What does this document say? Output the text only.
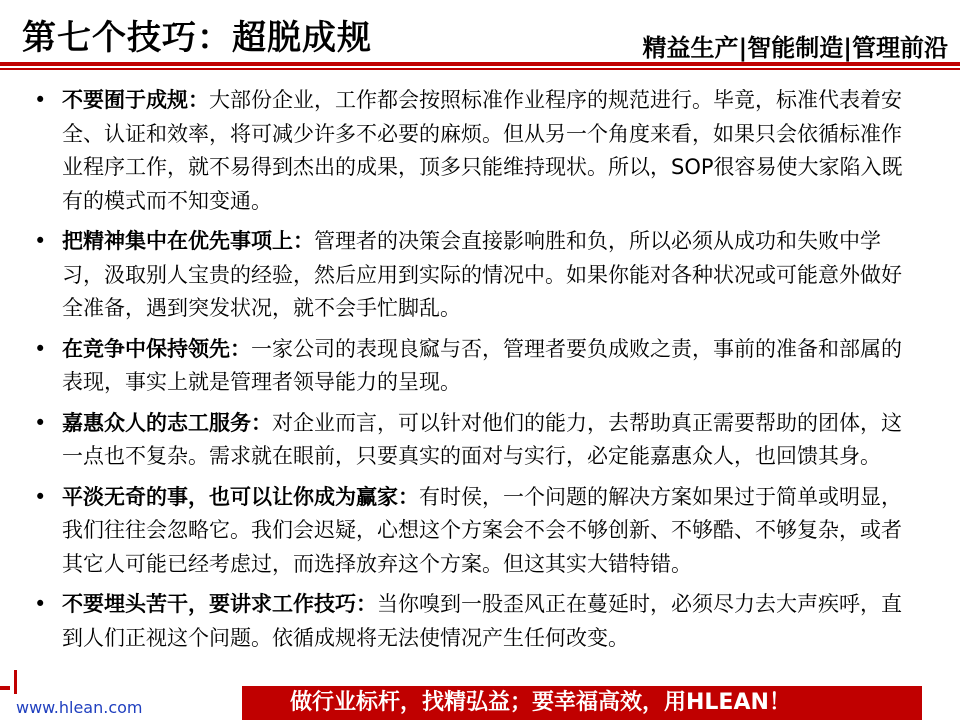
第七个技巧：超脱成规	精益生产|智能制造|管理前沿
• 不要囿于成规：大部份企业，工作都会按照标准作业程序的规范进行。毕竟，标准代表着安全、认证和效率，将可减少许多不必要的麻烦。但从另一个角度来看，如果只会依循标准作业程序工作，就不易得到杰出的成果，顶多只能维持现状。所以，SOP很容易使大家陷入既有的模式而不知变通。
• 把精神集中在优先事项上：管理者的决策会直接影响胜和负，所以必须从成功和失败中学习，汲取别人宝贵的经验，然后应用到实际的情况中。如果你能对各种状况或可能意外做好全准备，遇到突发状况，就不会手忙脚乱。
• 在竞争中保持领先：一家公司的表现良窳与否，管理者要负成败之责，事前的准备和部属的表现，事实上就是管理者领导能力的呈现。
• 嘉惠众人的志工服务：对企业而言，可以针对他们的能力，去帮助真正需要帮助的团体，这一点也不复杂。需求就在眼前，只要真实的面对与实行，必定能嘉惠众人，也回馈其身。
• 平淡无奇的事，也可以让你成为赢家：有时侯，一个问题的解决方案如果过于简单或明显，我们往往会忽略它。我们会迟疑，心想这个方案会不会不够创新、不够酷、不够复杂，或者其它人可能已经考虑过，而选择放弃这个方案。但这其实大错特错。
• 不要埋头苦干，要讲求工作技巧：当你嗅到一股歪风正在蔓延时，必须尽力去大声疾呼，直到人们正视这个问题。依循成规将无法使情况产生任何改变。
www.hlean.com	做行业标杆，找精弘益；要幸福高效，用HLEAN！	9
